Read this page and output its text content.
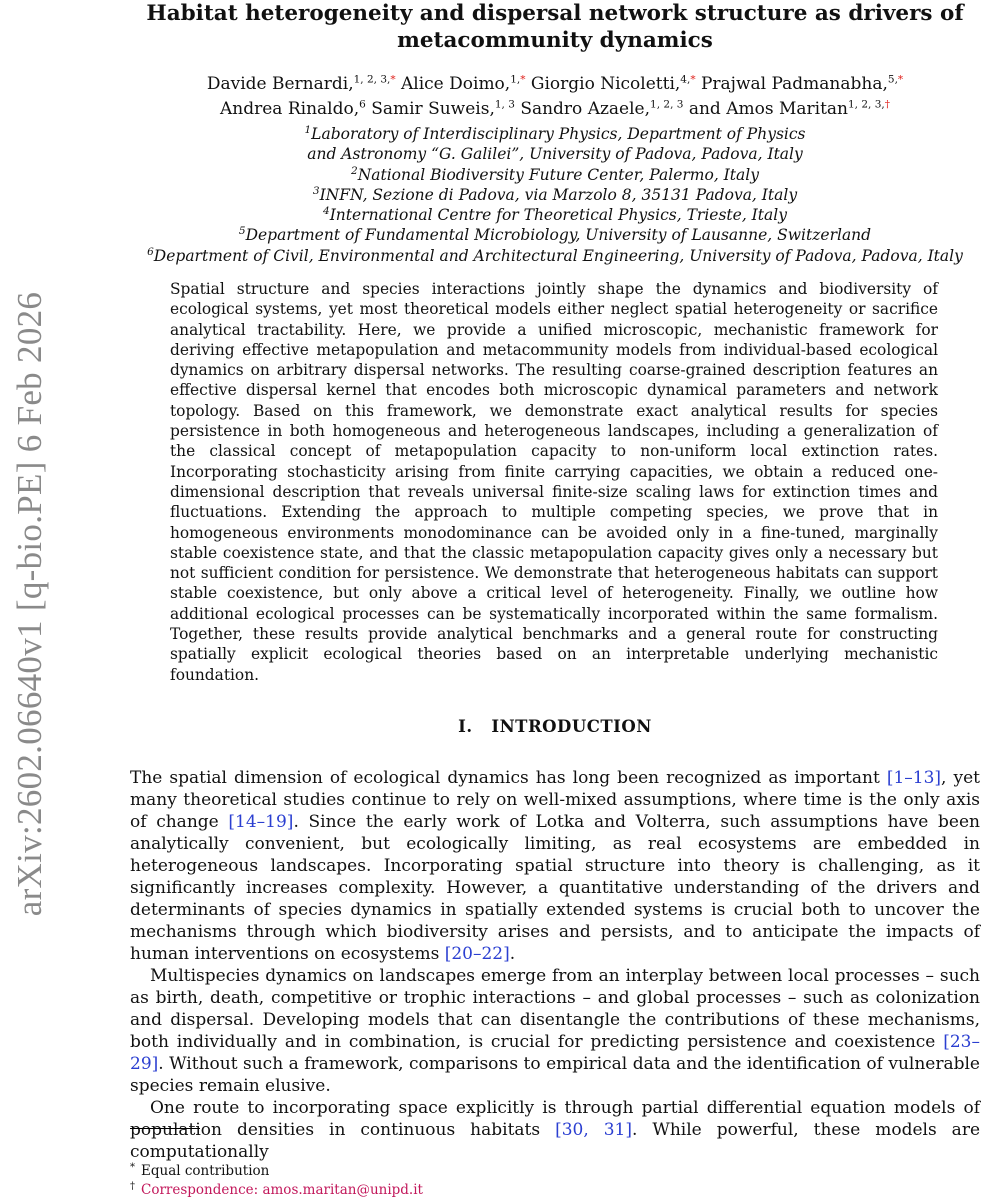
arXiv:2602.06640v1 [q-bio.PE] 6 Feb 2026
Habitat heterogeneity and dispersal network structure as drivers of metacommunity dynamics
Davide Bernardi,$^{1, 2, 3,*}$ Alice Doimo,$^{1,*}$ Giorgio Nicoletti,$^{4,*}$ Prajwal Padmanabha,$^{5,*}$
Andrea Rinaldo,$^6$ Samir Suweis,$^{1, 3}$ Sandro Azaele,$^{1, 2, 3}$ and Amos Maritan$^{1, 2, 3,\dagger}$
$^1$Laboratory of Interdisciplinary Physics, Department of Physics
and Astronomy “G. Galilei”, University of Padova, Padova, Italy
$^2$National Biodiversity Future Center, Palermo, Italy
$^3$INFN, Sezione di Padova, via Marzolo 8, 35131 Padova, Italy
$^4$International Centre for Theoretical Physics, Trieste, Italy
$^5$Department of Fundamental Microbiology, University of Lausanne, Switzerland
$^6$Department of Civil, Environmental and Architectural Engineering, University of Padova, Padova, Italy
Spatial structure and species interactions jointly shape the dynamics and biodiversity of ecological systems, yet most theoretical models either neglect spatial heterogeneity or sacrifice analytical tractability. Here, we provide a unified microscopic, mechanistic framework for deriving effective metapopulation and metacommunity models from individual-based ecological dynamics on arbitrary dispersal networks. The resulting coarse-grained description features an effective dispersal kernel that encodes both microscopic dynamical parameters and network topology. Based on this framework, we demonstrate exact analytical results for species persistence in both homogeneous and heterogeneous landscapes, including a generalization of the classical concept of metapopulation capacity to non-uniform local extinction rates. Incorporating stochasticity arising from finite carrying capacities, we obtain a reduced one-dimensional description that reveals universal finite-size scaling laws for extinction times and fluctuations. Extending the approach to multiple competing species, we prove that in homogeneous environments monodominance can be avoided only in a fine-tuned, marginally stable coexistence state, and that the classic metapopulation capacity gives only a necessary but not sufficient condition for persistence. We demonstrate that heterogeneous habitats can support stable coexistence, but only above a critical level of heterogeneity. Finally, we outline how additional ecological processes can be systematically incorporated within the same formalism. Together, these results provide analytical benchmarks and a general route for constructing spatially explicit ecological theories based on an interpretable underlying mechanistic foundation.
I. INTRODUCTION

The spatial dimension of ecological dynamics has long been recognized as important [1–13], yet many theoretical studies continue to rely on well-mixed assumptions, where time is the only axis of change [14–19]. Since the early work of Lotka and Volterra, such assumptions have been analytically convenient, but ecologically limiting, as real ecosystems are embedded in heterogeneous landscapes. Incorporating spatial structure into theory is challenging, as it significantly increases complexity. However, a quantitative understanding of the drivers and determinants of species dynamics in spatially extended systems is crucial both to uncover the mechanisms through which biodiversity arises and persists, and to anticipate the impacts of human interventions on ecosystems [20–22].

Multispecies dynamics on landscapes emerge from an interplay between local processes – such as birth, death, competitive or trophic interactions – and global processes – such as colonization and dispersal. Developing models that can disentangle the contributions of these mechanisms, both individually and in combination, is crucial for predicting persistence and coexistence [23–29]. Without such a framework, comparisons to empirical data and the identification of vulnerable species remain elusive.

One route to incorporating space explicitly is through partial differential equation models of population densities in continuous habitats [30, 31]. While powerful, these models are computationally

* Equal contribution
† Correspondence: amos.maritan@unipd.it
